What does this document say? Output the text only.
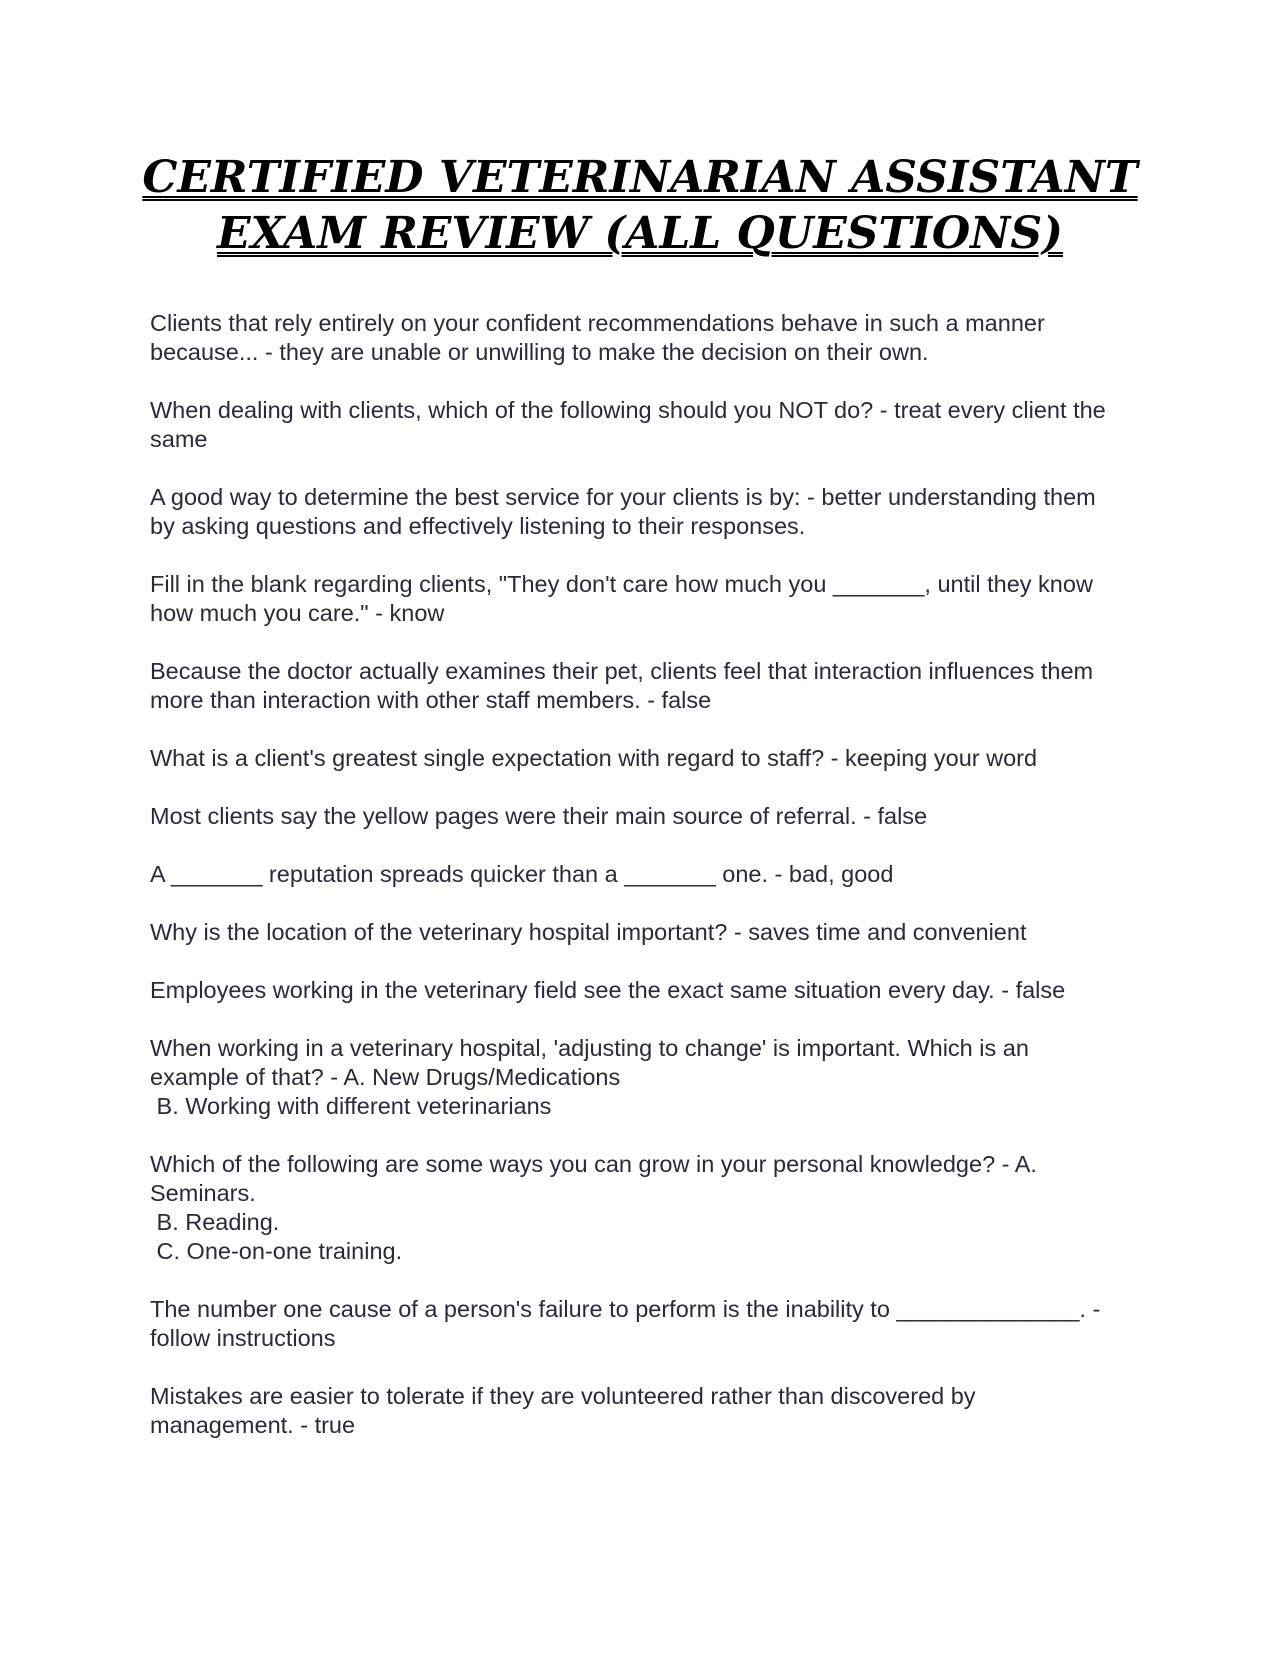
CERTIFIED VETERINARIAN ASSISTANT
EXAM REVIEW (ALL QUESTIONS)

Clients that rely entirely on your confident recommendations behave in such a manner because... - they are unable or unwilling to make the decision on their own.

When dealing with clients, which of the following should you NOT do? - treat every client the same

A good way to determine the best service for your clients is by: - better understanding them by asking questions and effectively listening to their responses.

Fill in the blank regarding clients, "They don't care how much you _______, until they know how much you care." - know

Because the doctor actually examines their pet, clients feel that interaction influences them more than interaction with other staff members. - false

What is a client's greatest single expectation with regard to staff? - keeping your word

Most clients say the yellow pages were their main source of referral. - false

A _______ reputation spreads quicker than a _______ one. - bad, good

Why is the location of the veterinary hospital important? - saves time and convenient

Employees working in the veterinary field see the exact same situation every day. - false

When working in a veterinary hospital, 'adjusting to change' is important. Which is an example of that? - A. New Drugs/Medications
B. Working with different veterinarians

Which of the following are some ways you can grow in your personal knowledge? - A. Seminars.
B. Reading.
C. One-on-one training.

The number one cause of a person's failure to perform is the inability to ______________. - follow instructions

Mistakes are easier to tolerate if they are volunteered rather than discovered by management. - true
